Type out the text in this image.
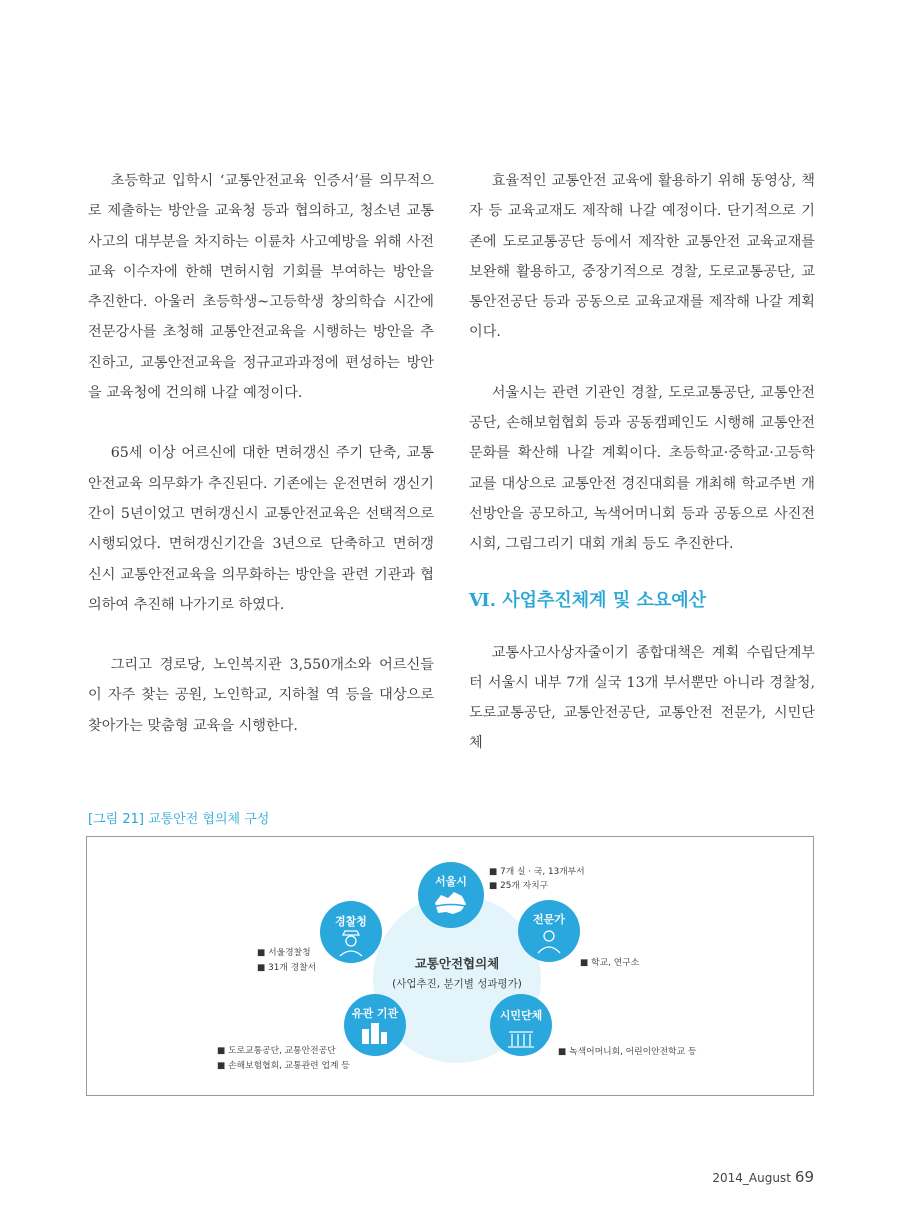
초등학교 입학시 ‘교통안전교육 인증서’를 의무적으로 제출하는 방안을 교육청 등과 협의하고, 청소년 교통사고의 대부분을 차지하는 이륜차 사고예방을 위해 사전교육 이수자에 한해 면허시험 기회를 부여하는 방안을 추진한다. 아울러 초등학생~고등학생 창의학습 시간에 전문강사를 초청해 교통안전교육을 시행하는 방안을 추진하고, 교통안전교육을 정규교과과정에 편성하는 방안을 교육청에 건의해 나갈 예정이다.

65세 이상 어르신에 대한 면허갱신 주기 단축, 교통안전교육 의무화가 추진된다. 기존에는 운전면허 갱신기간이 5년이었고 면허갱신시 교통안전교육은 선택적으로 시행되었다. 면허갱신기간을 3년으로 단축하고 면허갱신시 교통안전교육을 의무화하는 방안을 관련 기관과 협의하여 추진해 나가기로 하였다.

그리고 경로당, 노인복지관 3,550개소와 어르신들이 자주 찾는 공원, 노인학교, 지하철 역 등을 대상으로 찾아가는 맞춤형 교육을 시행한다.

효율적인 교통안전 교육에 활용하기 위해 동영상, 책자 등 교육교재도 제작해 나갈 예정이다. 단기적으로 기존에 도로교통공단 등에서 제작한 교통안전 교육교재를 보완해 활용하고, 중장기적으로 경찰, 도로교통공단, 교통안전공단 등과 공동으로 교육교재를 제작해 나갈 계획이다.

서울시는 관련 기관인 경찰, 도로교통공단, 교통안전공단, 손해보험협회 등과 공동캠페인도 시행해 교통안전문화를 확산해 나갈 계획이다. 초등학교·중학교·고등학교를 대상으로 교통안전 경진대회를 개최해 학교주변 개선방안을 공모하고, 녹색어머니회 등과 공동으로 사진전시회, 그림그리기 대회 개최 등도 추진한다.

Ⅵ. 사업추진체계 및 소요예산

교통사고사상자줄이기 종합대책은 계획 수립단계부터 서울시 내부 7개 실국 13개 부서뿐만 아니라 경찰청, 도로교통공단, 교통안전공단, 교통안전 전문가, 시민단체

[그림 21] 교통안전 협의체 구성
교통안전협의체
(사업추진, 분기별 성과평가)
서울시
전문가
경찰청
유관 기관	시민단체
■ 7개 실 · 국, 13개부서
■ 25개 자치구
■ 서울경찰청
■ 31개 경찰서	■ 학교, 연구소
■ 도로교통공단, 교통안전공단
■ 손해보험협회, 교통관련 업계 등
■ 녹색어머니회, 어린이안전학교 등
2014_August 69
